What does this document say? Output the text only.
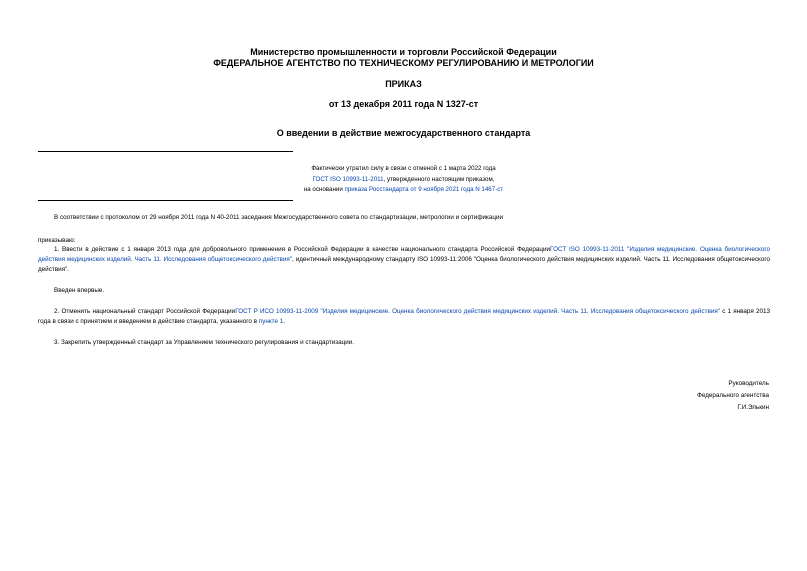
Министерство промышленности и торговли Российской Федерации
ФЕДЕРАЛЬНОЕ АГЕНТСТВО ПО ТЕХНИЧЕСКОМУ РЕГУЛИРОВАНИЮ И МЕТРОЛОГИИ
ПРИКАЗ
от 13 декабря 2011 года N 1327-ст
О введении в действие межгосударственного стандарта
Фактически утратил силу в связи с отменой с 1 марта 2022 года
ГОСТ ISO 10993-11-2011, утвержденного настоящим приказом,
на основании приказа Росстандарта от 9 ноября 2021 года N 1467-ст
В соответствии с протоколом от 29 ноября 2011 года N 40-2011 заседания Межгосударственного совета по стандартизации, метрологии и сертификации
приказываю:
1. Ввести в действие с 1 января 2013 года для добровольного применения в Российской Федерации в качестве национального стандарта Российской ФедерацииГОСТ ISO 10993-11-2011 "Изделия медицинские. Оценка биологического действия медицинских изделий. Часть 11. Исследования общетоксического действия", идентичный международному стандарту ISO 10993-11:2006 "Оценка биологического действия медицинских изделий. Часть 11. Исследования общетоксического действия".
Введен впервые.
2. Отменить национальный стандарт Российской ФедерацииГОСТ Р ИСО 10993-11-2009 "Изделия медицинские. Оценка биологического действия медицинских изделий. Часть 11. Исследования общетоксического действия" с 1 января 2013 года в связи с принятием и введением в действие стандарта, указанного в пункте 1.
3. Закрепить утвержденный стандарт за Управлением технического регулирования и стандартизации.
Руководитель
Федерального агентства
Г.И.Элькин
